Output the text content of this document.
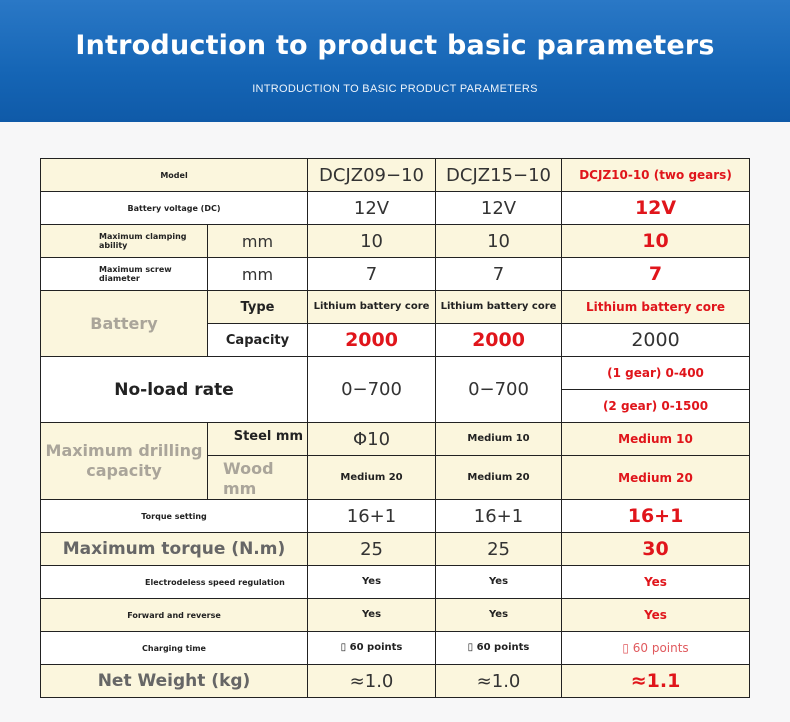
Introduction to product basic parameters
INTRODUCTION TO BASIC PRODUCT PARAMETERS
Model		DCJZ09−10	DCJZ15−10	DCJZ10-10 (two gears)
Battery voltage (DC)		12V	12V	12V
Maximum clamping ability	mm	10	10	10
Maximum screw diameter	mm	7	7	7
Battery	Type	Lithium battery core	Lithium battery core	Lithium battery core
	Capacity	2000	2000	2000
No-load rate		0−700	0−700	(1 gear) 0-400
				(2 gear) 0-1500
Maximum drilling capacity	Steel mm	Φ10	Medium 10	Medium 10

	Wood mm	Medium 20	Medium 20	Medium 20
Torque setting		16+1	16+1	16+1
Maximum torque (N.m)		25	25	30
Electrodeless speed regulation		Yes	Yes	Yes
Forward and reverse		Yes	Yes	Yes
Charging time		▯ 60 points	▯ 60 points	▯ 60 points
Net Weight (kg)		≈1.0	≈1.0	≈1.1
